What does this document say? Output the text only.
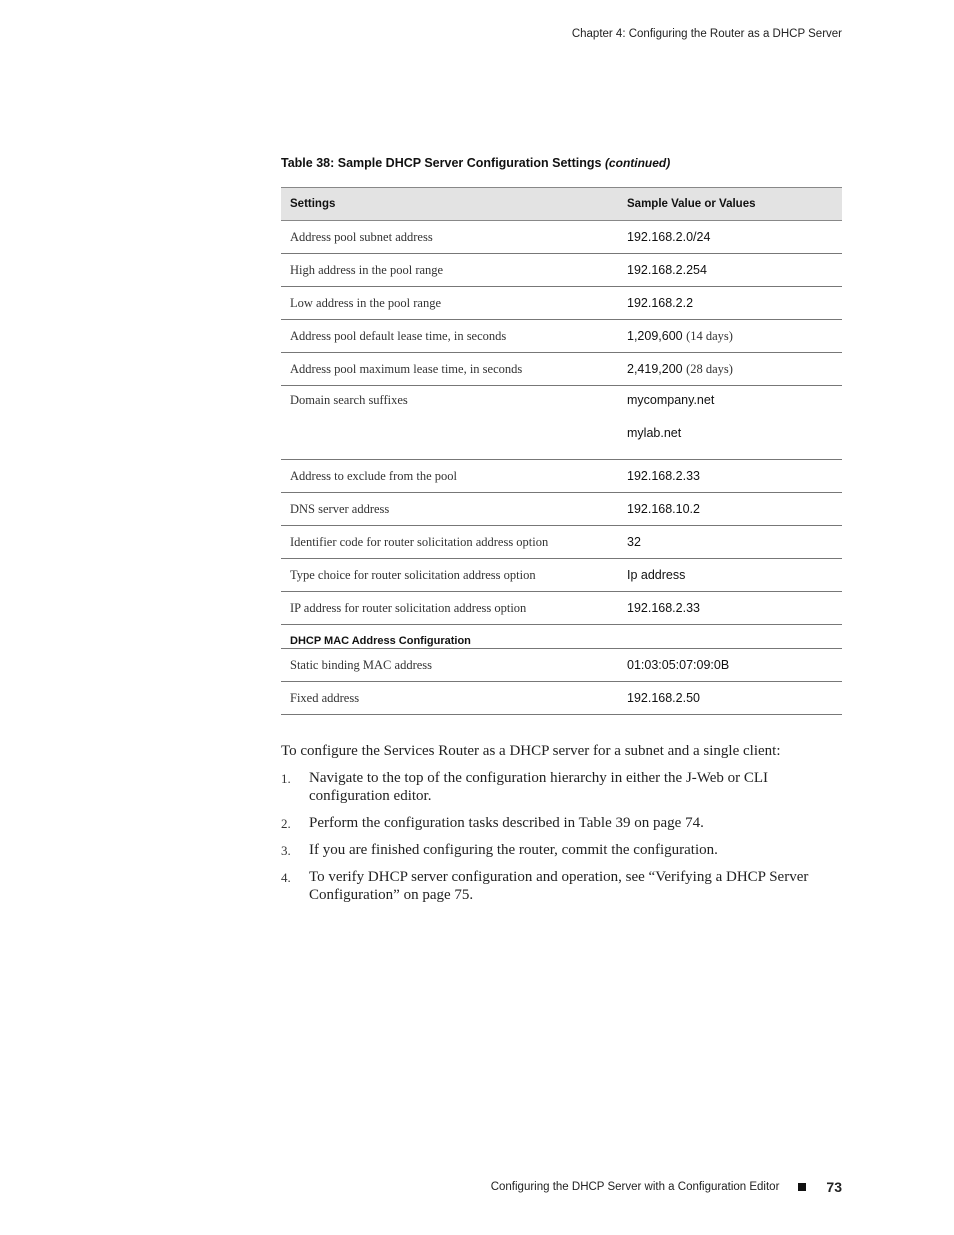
Chapter 4: Configuring the Router as a DHCP Server
Table 38: Sample DHCP Server Configuration Settings (continued)
Settings	Sample Value or Values
Address pool subnet address	192.168.2.0/24
High address in the pool range	192.168.2.254
Low address in the pool range	192.168.2.2
Address pool default lease time, in seconds	1,209,600 (14 days)
Address pool maximum lease time, in seconds	2,419,200 (28 days)
Domain search suffixes	mycompany.net
mylab.net

Address to exclude from the pool	192.168.2.33
DNS server address	192.168.10.2
Identifier code for router solicitation address option	32
Type choice for router solicitation address option	Ip address
IP address for router solicitation address option	192.168.2.33
DHCP MAC Address Configuration	
Static binding MAC address	01:03:05:07:09:0B
Fixed address	192.168.2.50
To configure the Services Router as a DHCP server for a subnet and a single client:
1. Navigate to the top of the configuration hierarchy in either the J-Web or CLI configuration editor.
2. Perform the configuration tasks described in Table 39 on page 74.
3. If you are finished configuring the router, commit the configuration.
4. To verify DHCP server configuration and operation, see “Verifying a DHCP Server Configuration” on page 75.
Configuring the DHCP Server with a Configuration Editor	73
